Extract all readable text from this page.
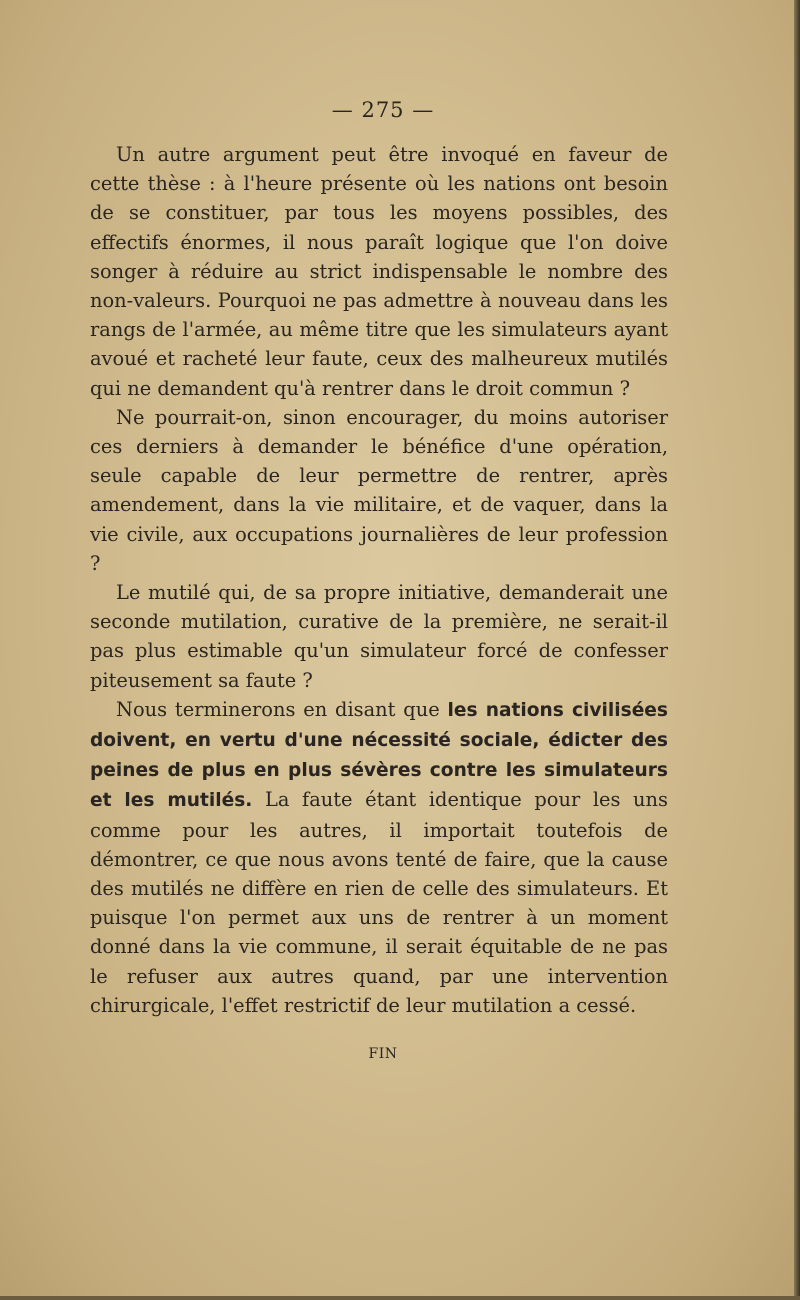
— 275 —

Un autre argument peut être invoqué en faveur de cette thèse : à l'heure présente où les nations ont besoin de se constituer, par tous les moyens possibles, des effectifs énormes, il nous paraît logique que l'on doive songer à réduire au strict indispensable le nombre des non-valeurs. Pourquoi ne pas admettre à nouveau dans les rangs de l'armée, au même titre que les simulateurs ayant avoué et racheté leur faute, ceux des malheureux mutilés qui ne demandent qu'à rentrer dans le droit commun ?

Ne pourrait-on, sinon encourager, du moins autoriser ces derniers à demander le bénéfice d'une opération, seule capable de leur permettre de rentrer, après amendement, dans la vie militaire, et de vaquer, dans la vie civile, aux occupations journalières de leur profession ?

Le mutilé qui, de sa propre initiative, demanderait une seconde mutilation, curative de la première, ne serait-il pas plus estimable qu'un simulateur forcé de confesser piteusement sa faute ?

Nous terminerons en disant que les nations civilisées doivent, en vertu d'une nécessité sociale, édicter des peines de plus en plus sévères contre les simulateurs et les mutilés. La faute étant identique pour les uns comme pour les autres, il importait toutefois de démontrer, ce que nous avons tenté de faire, que la cause des mutilés ne diffère en rien de celle des simulateurs. Et puisque l'on permet aux uns de rentrer à un moment donné dans la vie commune, il serait équitable de ne pas le refuser aux autres quand, par une intervention chirurgicale, l'effet restrictif de leur mutilation a cessé.

FIN
